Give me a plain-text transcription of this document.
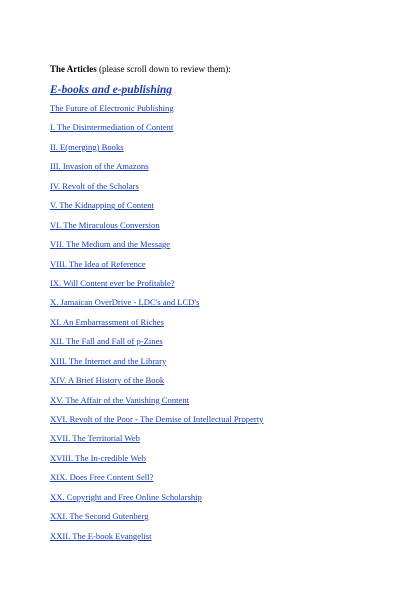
The Articles (please scroll down to review them):
E-books and e-publishing
The Future of Electronic Publishing
I. The Disintermediation of Content
II. E(merging) Books
III. Invasion of the Amazons
IV. Revolt of the Scholars
V. The Kidnapping of Content
VI. The Miraculous Conversion
VII. The Medium and the Message
VIII. The Idea of Reference
IX. Will Content ever be Profitable?
X. Jamaican OverDrive - LDC's and LCD's
XI. An Embarrassment of Riches
XII. The Fall and Fall of p-Zines
XIII. The Internet and the Library
XIV. A Brief History of the Book
XV. The Affair of the Vanishing Content
XVI. Revolt of the Poor - The Demise of Intellectual Property
XVII. The Territorial Web
XVIII. The In-credible Web
XIX. Does Free Content Sell?
XX. Copyright and Free Online Scholarship
XXI. The Second Gutenberg
XXII. The E-book Evangelist
